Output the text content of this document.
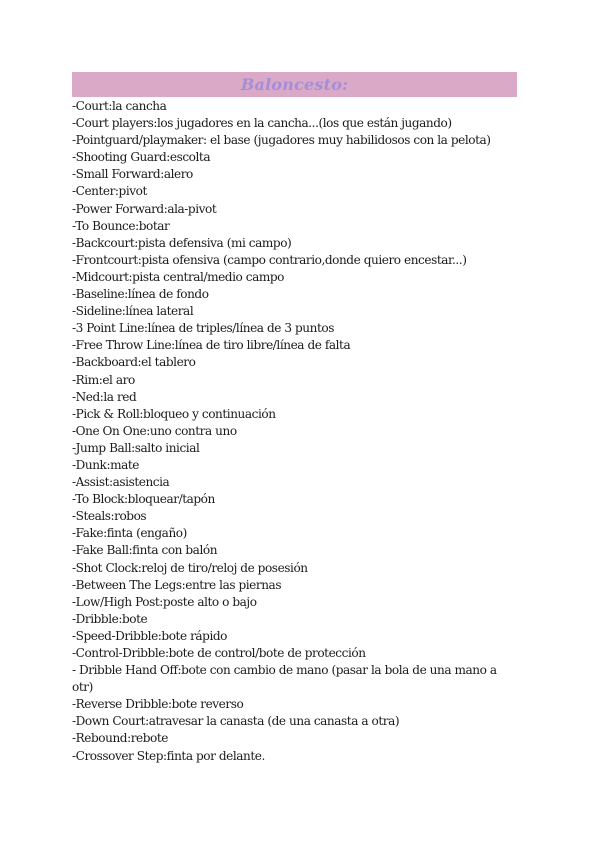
Baloncesto:
-Court:la cancha
-Court players:los jugadores en la cancha...(los que están jugando)
-Pointguard/playmaker: el base (jugadores muy habilidosos con la pelota)
-Shooting Guard:escolta
-Small Forward:alero
-Center:pivot
-Power Forward:ala-pivot
-To Bounce:botar
-Backcourt:pista defensiva (mi campo)
-Frontcourt:pista ofensiva (campo contrario,donde quiero encestar...)
-Midcourt:pista central/medio campo
-Baseline:línea de fondo
-Sideline:línea lateral
-3 Point Line:línea de triples/línea de 3 puntos
-Free Throw Line:línea de tiro libre/línea de falta
-Backboard:el tablero
-Rim:el aro
-Ned:la red
-Pick & Roll:bloqueo y continuación
-One On One:uno contra uno
-Jump Ball:salto inicial
-Dunk:mate
-Assist:asistencia
-To Block:bloquear/tapón
-Steals:robos
-Fake:finta (engaño)
-Fake Ball:finta con balón
-Shot Clock:reloj de tiro/reloj de posesión
-Between The Legs:entre las piernas
-Low/High Post:poste alto o bajo
-Dribble:bote
-Speed-Dribble:bote rápido
-Control-Dribble:bote de control/bote de protección
- Dribble Hand Off:bote con cambio de mano (pasar la bola de una mano a otr)
-Reverse Dribble:bote reverso
-Down Court:atravesar la canasta (de una canasta a otra)
-Rebound:rebote
-Crossover Step:finta por delante.
